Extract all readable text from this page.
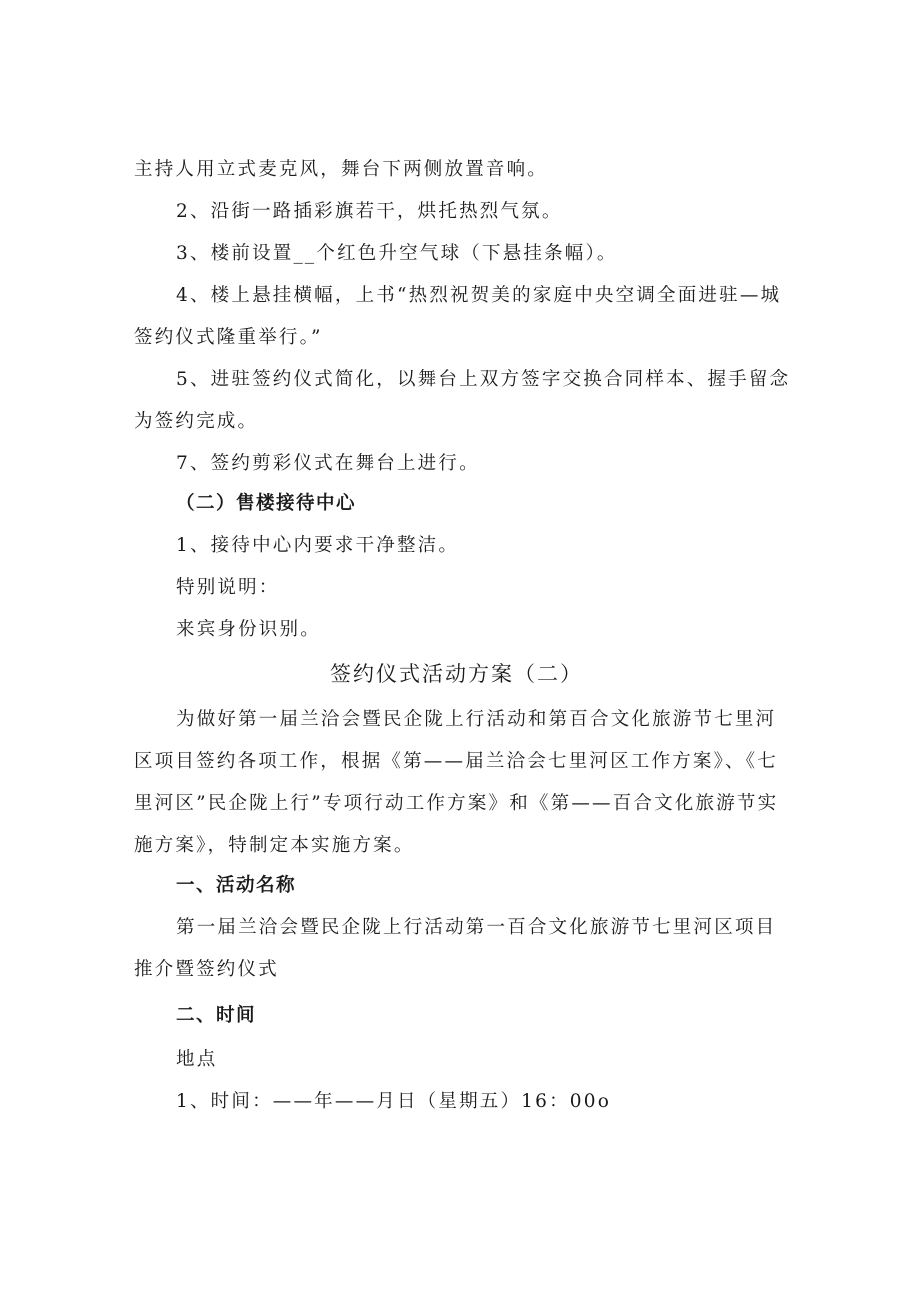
主持人用立式麦克风，舞台下两侧放置音响。
2、沿街一路插彩旗若干，烘托热烈气氛。
3、楼前设置__个红色升空气球（下悬挂条幅）。
4、楼上悬挂横幅，上书“热烈祝贺美的家庭中央空调全面进驻—城
签约仪式隆重举行。”
5、进驻签约仪式简化，以舞台上双方签字交换合同样本、握手留念
为签约完成。
7、签约剪彩仪式在舞台上进行。
（二）售楼接待中心
1、接待中心内要求干净整洁。
特别说明：
来宾身份识别。
签约仪式活动方案（二）
为做好第一届兰洽会暨民企陇上行活动和第百合文化旅游节七里河
区项目签约各项工作，根据《第——届兰洽会七里河区工作方案》、《七
里河区”民企陇上行”专项行动工作方案》和《第——百合文化旅游节实
施方案》，特制定本实施方案。
一、活动名称
第一届兰洽会暨民企陇上行活动第一百合文化旅游节七里河区项目
推介暨签约仪式
二、时间
地点
1、时间：——年——月日（星期五）16：00o
